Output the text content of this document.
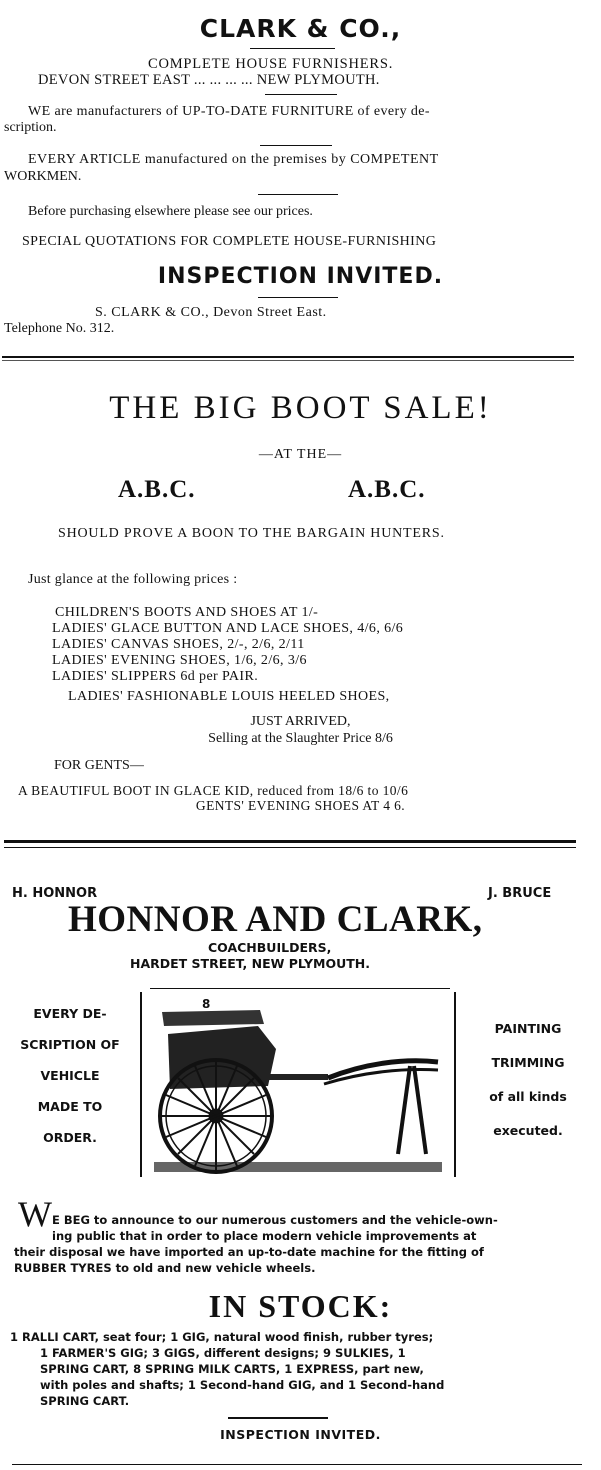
CLARK & CO.,
COMPLETE HOUSE FURNISHERS.
DEVON STREET EAST ... ... ... ... NEW PLYMOUTH.
WE are manufacturers of UP-TO-DATE FURNITURE of every de-
scription.
EVERY ARTICLE manufactured on the premises by COMPETENT
WORKMEN.
Before purchasing elsewhere please see our prices.
SPECIAL QUOTATIONS FOR COMPLETE HOUSE-FURNISHING
INSPECTION INVITED.
S. CLARK & CO., Devon Street East.
Telephone No. 312.
THE BIG BOOT SALE!
—AT THE—
A.B.C.	A.B.C.
SHOULD PROVE A BOON TO THE BARGAIN HUNTERS.
Just glance at the following prices :
CHILDREN'S BOOTS AND SHOES AT 1/-
LADIES' GLACE BUTTON AND LACE SHOES, 4/6, 6/6
LADIES' CANVAS SHOES, 2/-, 2/6, 2/11
LADIES' EVENING SHOES, 1/6, 2/6, 3/6
LADIES' SLIPPERS 6d per PAIR.
LADIES' FASHIONABLE LOUIS HEELED SHOES,
JUST ARRIVED,
Selling at the Slaughter Price 8/6
FOR GENTS—
A BEAUTIFUL BOOT IN GLACE KID, reduced from 18/6 to 10/6
GENTS' EVENING SHOES AT 4 6.
H. HONNOR	J. BRUCE
HONNOR AND CLARK,
COACHBUILDERS,
HARDET STREET, NEW PLYMOUTH.
EVERY DE-
SCRIPTION OF
VEHICLE
MADE TO
ORDER.
PAINTING
TRIMMING
of all kinds
executed.
8
W E BEG to announce to our numerous customers and the vehicle-own-
ing public that in order to place modern vehicle improvements at
their disposal we have imported an up-to-date machine for the fitting of
RUBBER TYRES to old and new vehicle wheels.
IN STOCK:
1 RALLI CART, seat four; 1 GIG, natural wood finish, rubber tyres;
1 FARMER'S GIG; 3 GIGS, different designs; 9 SULKIES, 1
SPRING CART, 8 SPRING MILK CARTS, 1 EXPRESS, part new,
with poles and shafts; 1 Second-hand GIG, and 1 Second-hand
SPRING CART.
INSPECTION INVITED.
